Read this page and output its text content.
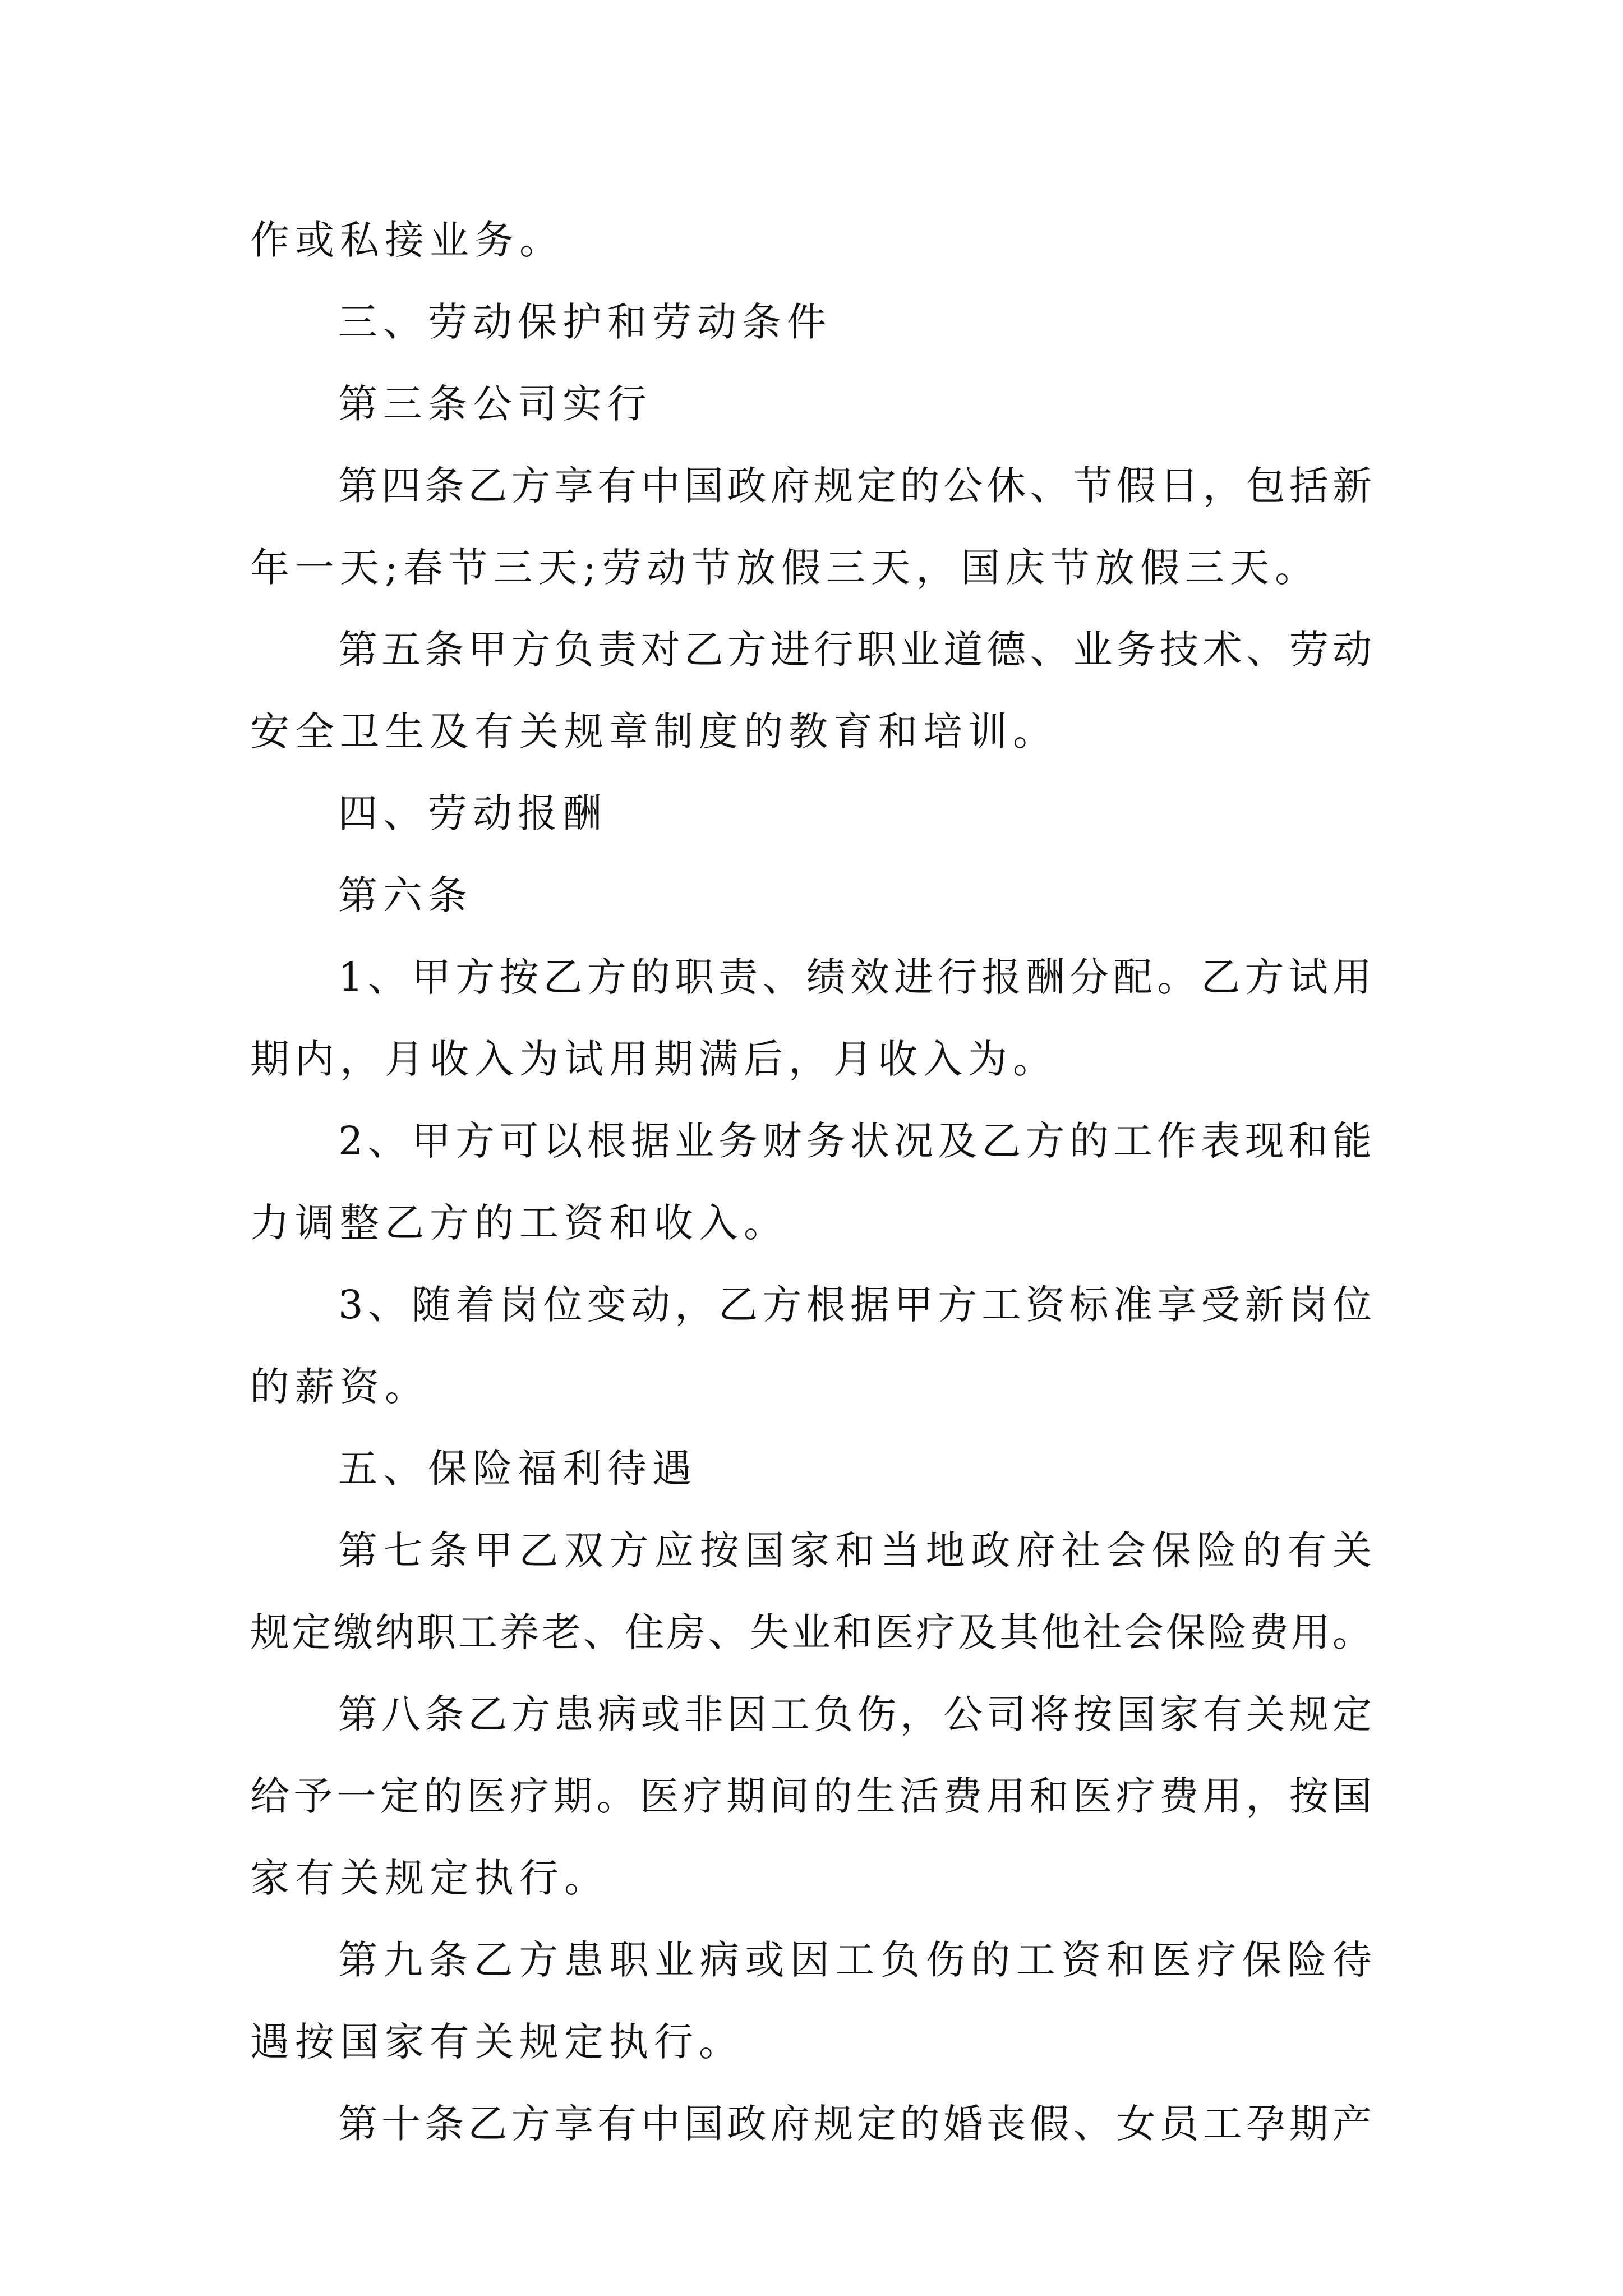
作或私接业务。
三、劳动保护和劳动条件
第三条公司实行
第四条乙方享有中国政府规定的公休、节假日，包括新
年一天;春节三天;劳动节放假三天，国庆节放假三天。
第五条甲方负责对乙方进行职业道德、业务技术、劳动
安全卫生及有关规章制度的教育和培训。
四、劳动报酬
第六条
1、甲方按乙方的职责、绩效进行报酬分配。乙方试用
期内，月收入为试用期满后，月收入为。
2、甲方可以根据业务财务状况及乙方的工作表现和能
力调整乙方的工资和收入。
3、随着岗位变动，乙方根据甲方工资标准享受新岗位
的薪资。
五、保险福利待遇
第七条甲乙双方应按国家和当地政府社会保险的有关
规定缴纳职工养老、住房、失业和医疗及其他社会保险费用。
第八条乙方患病或非因工负伤，公司将按国家有关规定
给予一定的医疗期。医疗期间的生活费用和医疗费用，按国
家有关规定执行。
第九条乙方患职业病或因工负伤的工资和医疗保险待
遇按国家有关规定执行。
第十条乙方享有中国政府规定的婚丧假、女员工孕期产
